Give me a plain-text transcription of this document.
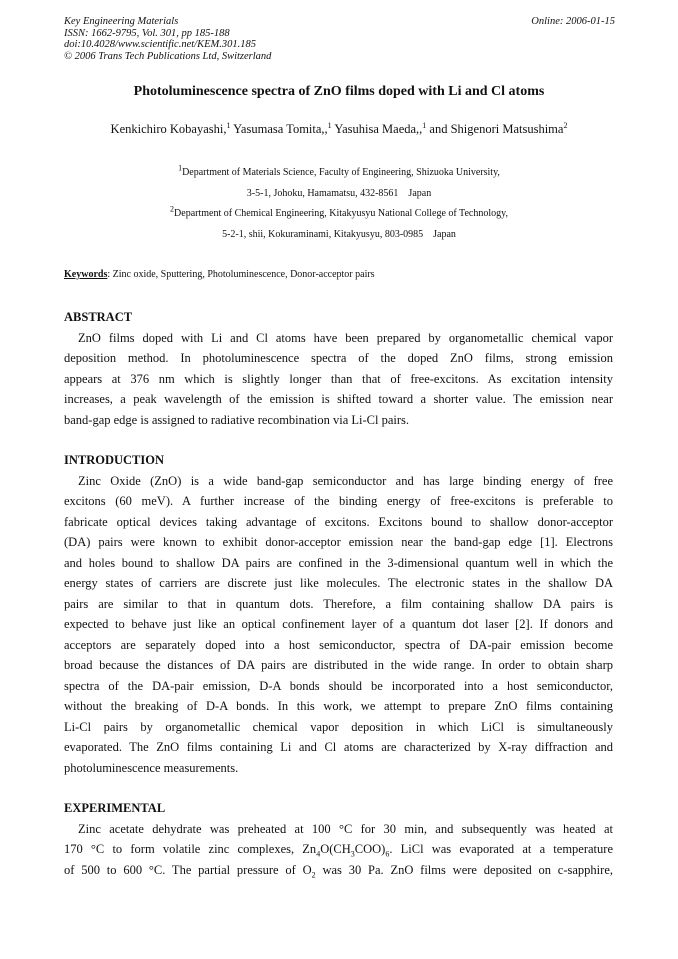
Key Engineering Materials
ISSN: 1662-9795, Vol. 301, pp 185-188
doi:10.4028/www.scientific.net/KEM.301.185
© 2006 Trans Tech Publications Ltd, Switzerland
Online: 2006-01-15
Photoluminescence spectra of ZnO films doped with Li and Cl atoms
Kenkichiro Kobayashi,$^1$ Yasumasa Tomita,,$^1$ Yasuhisa Maeda,,$^1$ and Shigenori Matsushima$^2$
$^1$Department of Materials Science, Faculty of Engineering, Shizuoka University,
3-5-1, Johoku, Hamamatsu, 432-8561    Japan
$^2$Department of Chemical Engineering, Kitakyusyu National College of Technology,
5-2-1, shii, Kokuraminami, Kitakyusyu, 803-0985    Japan
Keywords: Zinc oxide, Sputtering, Photoluminescence, Donor-acceptor pairs
ABSTRACT
ZnO films doped with Li and Cl atoms have been prepared by organometallic chemical vapor
deposition method. In photoluminescence spectra of the doped ZnO films, strong emission
appears at 376 nm which is slightly longer than that of free-excitons. As excitation intensity
increases, a peak wavelength of the emission is shifted toward a shorter value. The emission near
band-gap edge is assigned to radiative recombination via Li-Cl pairs.
INTRODUCTION
Zinc Oxide (ZnO) is a wide band-gap semiconductor and has large binding energy of free
excitons (60 meV). A further increase of the binding energy of free-excitons is preferable to
fabricate optical devices taking advantage of excitons. Excitons bound to shallow donor-acceptor
(DA) pairs were known to exhibit donor-acceptor emission near the band-gap edge [1]. Electrons
and holes bound to shallow DA pairs are confined in the 3-dimensional quantum well in which the
energy states of carriers are discrete just like molecules. The electronic states in the shallow DA
pairs are similar to that in quantum dots. Therefore, a film containing shallow DA pairs is
expected to behave just like an optical confinement layer of a quantum dot laser [2]. If donors and
acceptors are separately doped into a host semiconductor, spectra of DA-pair emission become
broad because the distances of DA pairs are distributed in the wide range. In order to obtain sharp
spectra of the DA-pair emission, D-A bonds should be incorporated into a host semiconductor,
without the breaking of D-A bonds. In this work, we attempt to prepare ZnO films containing
Li-Cl pairs by organometallic chemical vapor deposition in which LiCl is simultaneously
evaporated. The ZnO films containing Li and Cl atoms are characterized by X-ray diffraction and
photoluminescence measurements.
EXPERIMENTAL
Zinc acetate dehydrate was preheated at 100 °C for 30 min, and subsequently was heated at
170 °C to form volatile zinc complexes, $Zn_4O(CH_3COO)_6$. LiCl was evaporated at a temperature
of 500 to 600 °C. The partial pressure of $O_2$ was 30 Pa. ZnO films were deposited on c-sapphire,
